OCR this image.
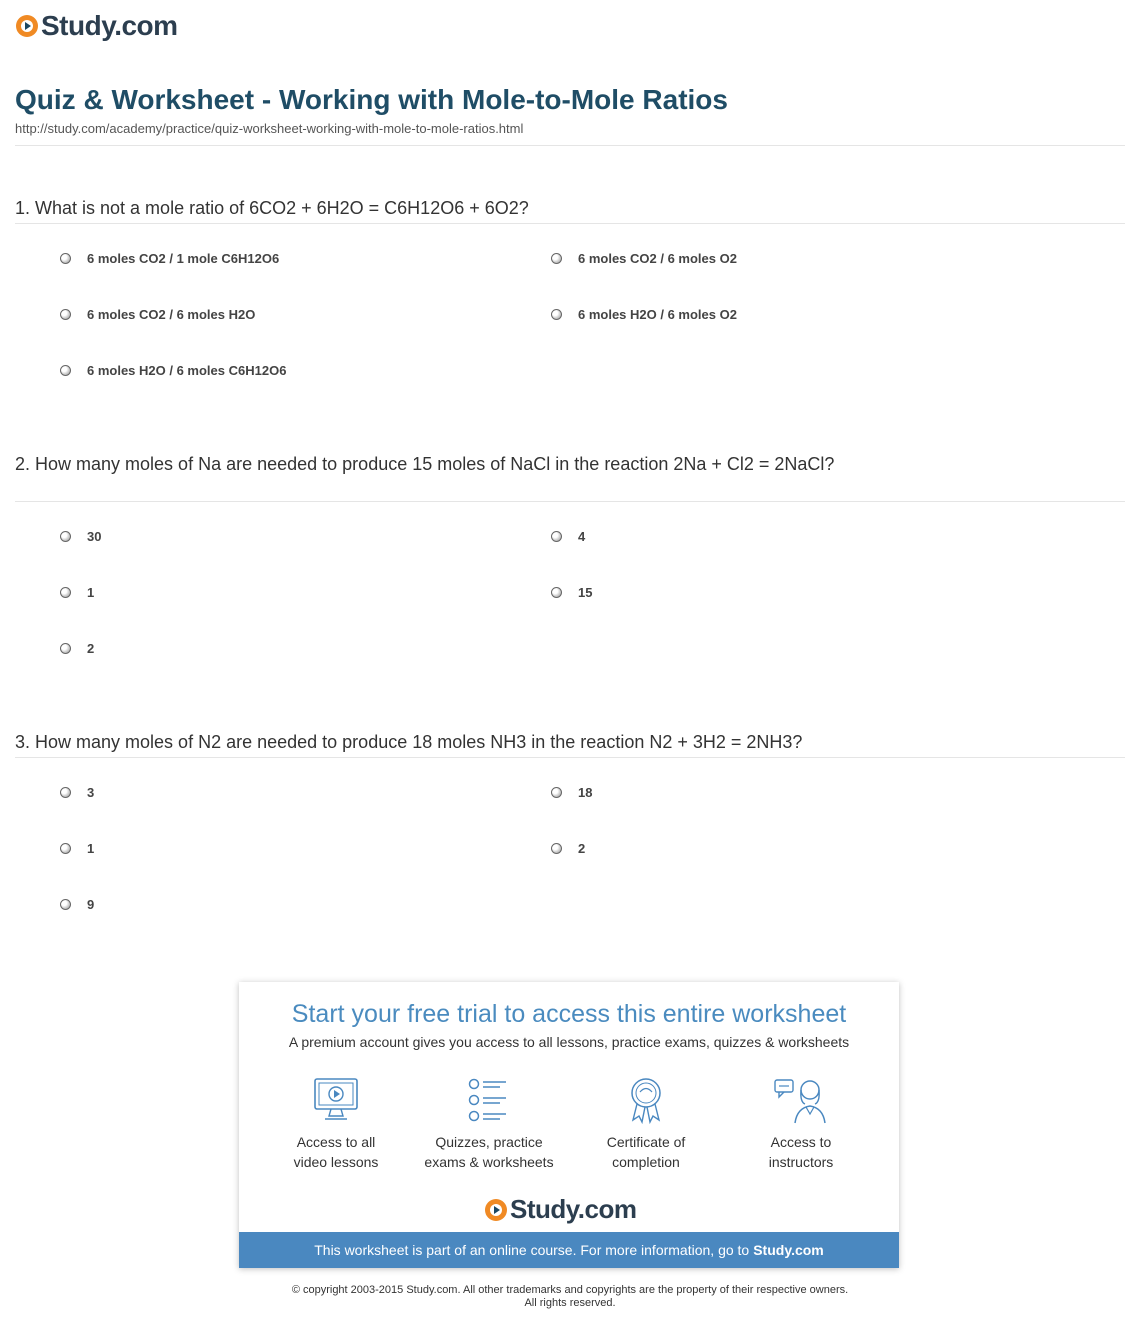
Study.com
Quiz & Worksheet - Working with Mole-to-Mole Ratios
http://study.com/academy/practice/quiz-worksheet-working-with-mole-to-mole-ratios.html
1. What is not a mole ratio of 6CO2 + 6H2O = C6H12O6 + 6O2?
6 moles CO2 / 1 mole C6H12O6	6 moles CO2 / 6 moles O2
6 moles CO2 / 6 moles H2O	6 moles H2O / 6 moles O2
6 moles H2O / 6 moles C6H12O6
2. How many moles of Na are needed to produce 15 moles of NaCl in the reaction 2Na + Cl2 = 2NaCl?
30	4
1	15
2
3. How many moles of N2 are needed to produce 18 moles NH3 in the reaction N2 + 3H2 = 2NH3?
3	18
1	2
9
Start your free trial to access this entire worksheet
A premium account gives you access to all lessons, practice exams, quizzes & worksheets
Access to all
video lessons
Quizzes, practice
exams & worksheets
Certificate of
completion
Access to
instructors
Study.com
This worksheet is part of an online course. For more information, go to Study.com
© copyright 2003-2015 Study.com. All other trademarks and copyrights are the property of their respective owners.
All rights reserved.
